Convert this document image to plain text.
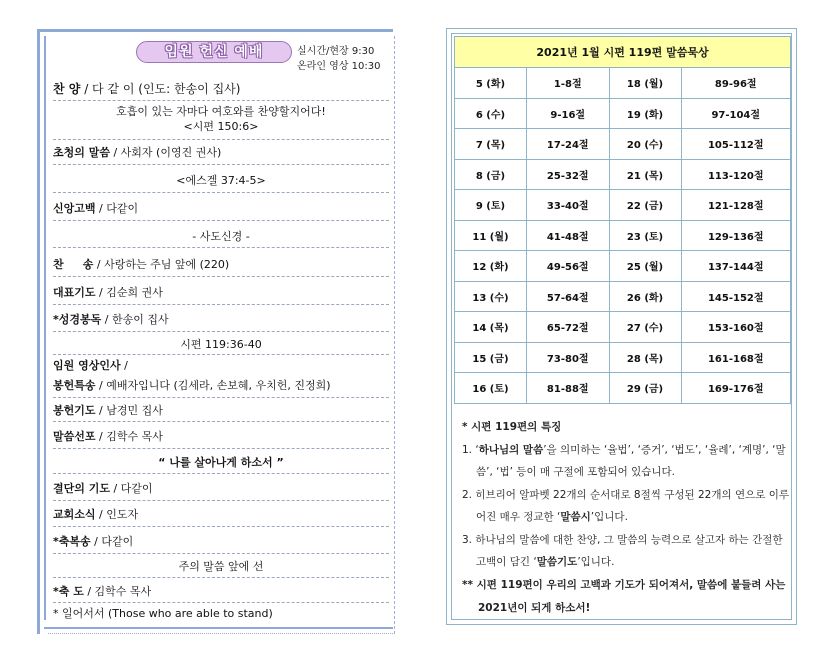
임원 헌신 예배	실시간/현장 9:30
온라인 영상 10:30
찬 양 / 다 같 이 (인도: 한송이 집사)
호흡이 있는 자마다 여호와를 찬양할지어다!
<시편 150:6>
초청의 말씀 / 사회자 (이영진 권사)
<에스겔 37:4-5>
신앙고백 / 다같이
- 사도신경 -
찬     송 / 사랑하는 주님 앞에 (220)
대표기도 / 김순희 권사
*성경봉독 / 한송이 집사
시편 119:36-40
임원 영상인사 /
봉헌특송 / 예배자입니다 (김세라, 손보혜, 우치헌, 진정희)
봉헌기도 / 남경민 집사
말씀선포 / 김학수 목사
“ 나를 살아나게 하소서 ”
결단의 기도 / 다같이
교회소식 / 인도자
*축복송 / 다같이
주의 말씀 앞에 선
*축 도 / 김학수 목사
* 일어서서 (Those who are able to stand)
2021년 1월 시편 119편 말씀묵상			
5 (화)	1-8절	18 (월)	89-96절
6 (수)	9-16절	19 (화)	97-104절
7 (목)	17-24절	20 (수)	105-112절
8 (금)	25-32절	21 (목)	113-120절
9 (토)	33-40절	22 (금)	121-128절
11 (월)	41-48절	23 (토)	129-136절
12 (화)	49-56절	25 (월)	137-144절
13 (수)	57-64절	26 (화)	145-152절
14 (목)	65-72절	27 (수)	153-160절
15 (금)	73-80절	28 (목)	161-168절
16 (토)	81-88절	29 (금)	169-176절
* 시편 119편의 특징
1. ‘하나님의 말씀’을 의미하는 ‘율법’, ‘증거’, ‘법도’, ‘율례’, ‘계명’, ‘말씀’, ‘법’ 등이 매 구절에 포함되어 있습니다.
2. 히브리어 알파벳 22개의 순서대로 8절씩 구성된 22개의 연으로 이루어진 매우 정교한 ‘말씀시’입니다.
3. 하나님의 말씀에 대한 찬양, 그 말씀의 능력으로 살고자 하는 간절한 고백이 담긴 ‘말씀기도’입니다.
** 시편 119편이 우리의 고백과 기도가 되어져서, 말씀에 붙들려 사는 2021년이 되게 하소서!
